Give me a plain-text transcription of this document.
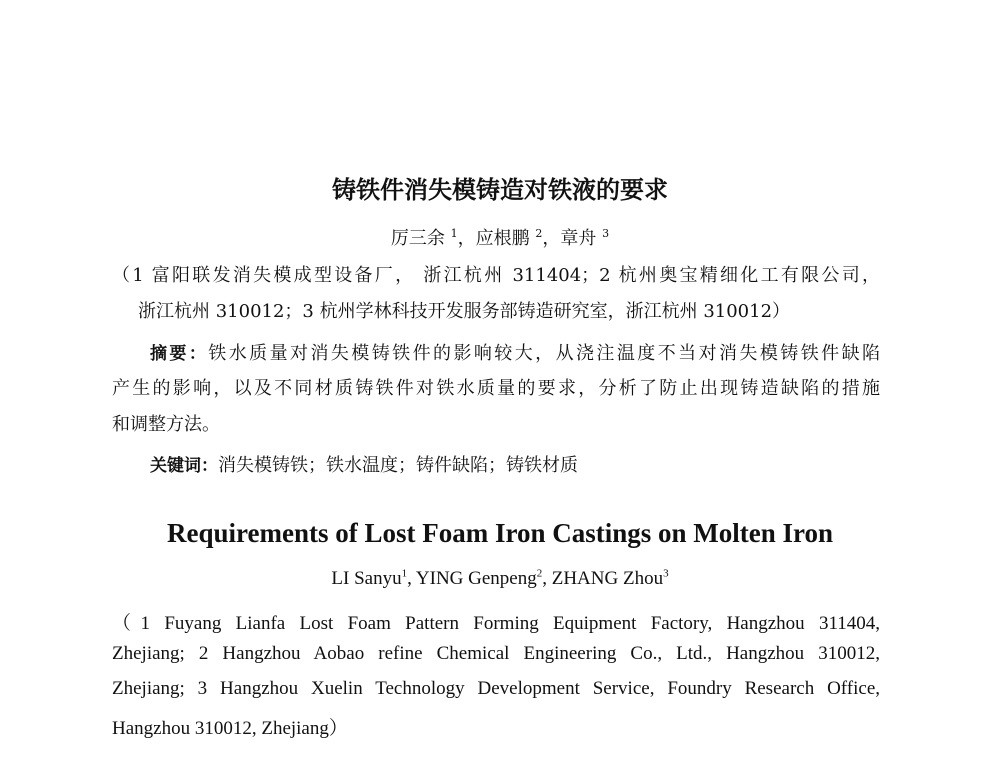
铸铁件消失模铸造对铁液的要求

厉三余 $^1$，应根鹏 $^2$，章舟 $^3$

（1 富阳联发消失模成型设备厂， 浙江杭州 311404；2 杭州奥宝精细化工有限公司，

浙江杭州 310012；3 杭州学林科技开发服务部铸造研究室，浙江杭州 310012）

摘要：铁水质量对消失模铸铁件的影响较大，从浇注温度不当对消失模铸铁件缺陷

产生的影响，以及不同材质铸铁件对铁水质量的要求，分析了防止出现铸造缺陷的措施

和调整方法。

关键词：消失模铸铁；铁水温度；铸件缺陷；铸铁材质

Requirements of Lost Foam Iron Castings on Molten Iron

LI Sanyu$^1$, YING Genpeng$^2$, ZHANG Zhou$^3$

（1 Fuyang Lianfa Lost Foam Pattern Forming Equipment Factory, Hangzhou 311404,

Zhejiang; 2 Hangzhou Aobao refine Chemical Engineering Co., Ltd., Hangzhou 310012,

Zhejiang; 3 Hangzhou Xuelin Technology Development Service, Foundry Research Office,

Hangzhou 310012, Zhejiang）
